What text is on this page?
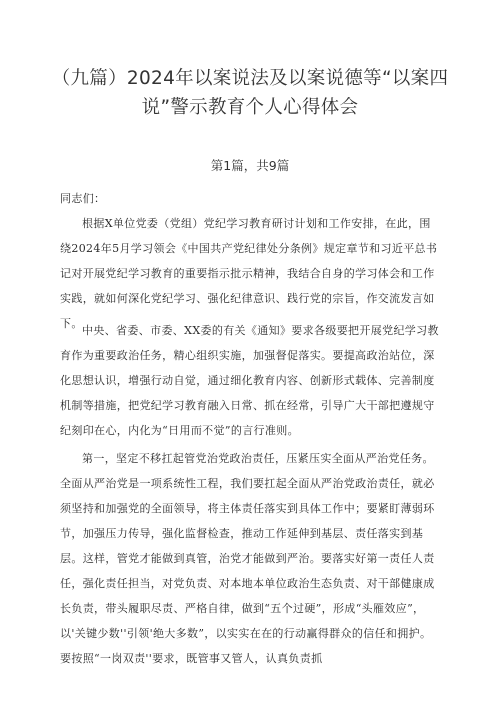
（九篇）2024年以案说法及以案说德等“以案四
说”警示教育个人心得体会
第1篇，共9篇
同志们：

根据X单位党委（党组）党纪学习教育研讨计划和工作安排，在此，围绕2024年5月学习领会《中国共产党纪律处分条例》规定章节和习近平总书记对开展党纪学习教育的重要指示批示精神，我结合自身的学习体会和工作实践，就如何深化党纪学习、强化纪律意识、践行党的宗旨，作交流发言如下。

中央、省委、市委、XX委的有关《通知》要求各级要把开展党纪学习教育作为重要政治任务，精心组织实施，加强督促落实。要提高政治站位，深化思想认识，增强行动自觉，通过细化教育内容、创新形式载体、完善制度机制等措施，把党纪学习教育融入日常、抓在经常，引导广大干部把遵规守纪刻印在心，内化为“日用而不觉”的言行准则。

第一，坚定不移扛起管党治党政治责任，压紧压实全面从严治党任务。全面从严治党是一项系统性工程，我们要扛起全面从严治党政治责任，就必须坚持和加强党的全面领导，将主体责任落实到具体工作中；要紧盯薄弱环节，加强压力传导，强化监督检查，推动工作延伸到基层、责任落实到基层。这样，管党才能做到真管，治党才能做到严治。要落实好第一责任人责任，强化责任担当，对党负责、对本地本单位政治生态负责、对干部健康成长负责，带头履职尽责、严格自律，做到“五个过硬”，形成“头雁效应”，以'关键少数''引领'绝大多数”，以实实在在的行动赢得群众的信任和拥护。要按照“一岗双责''要求，既管事又管人，认真负责抓
